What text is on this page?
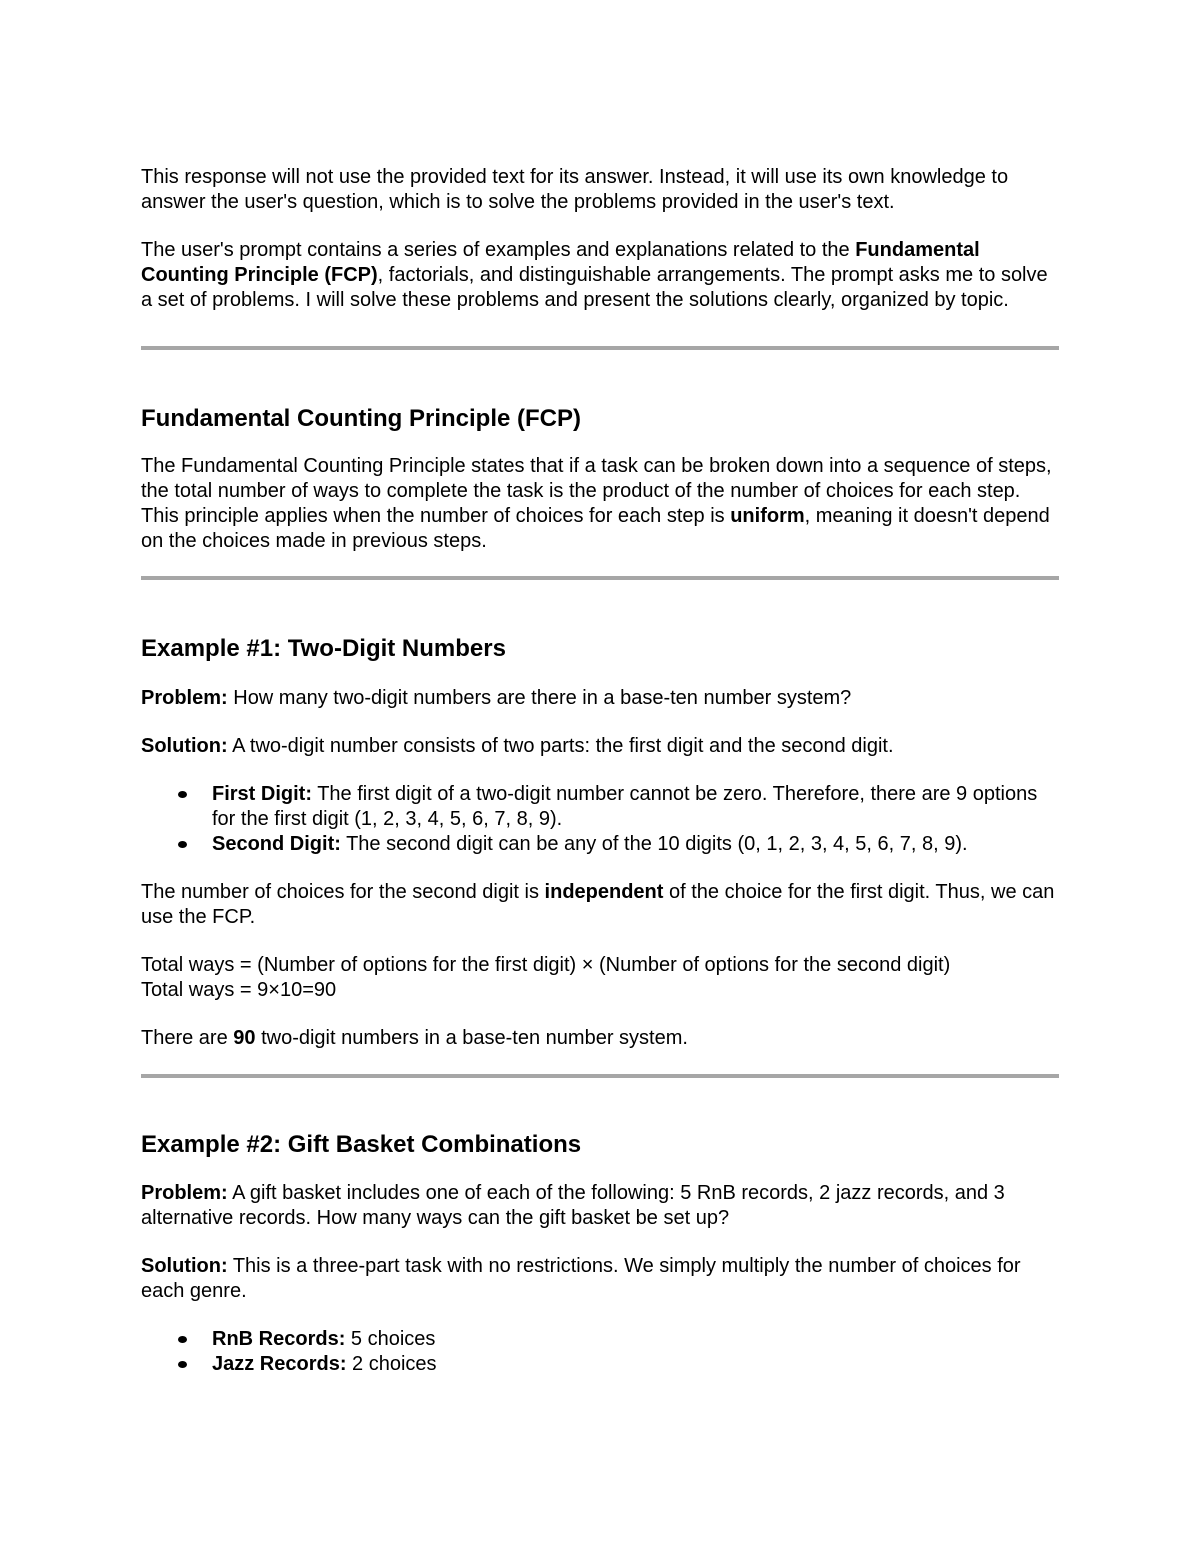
This response will not use the provided text for its answer. Instead, it will use its own knowledge to answer the user's question, which is to solve the problems provided in the user's text.

The user's prompt contains a series of examples and explanations related to the Fundamental Counting Principle (FCP), factorials, and distinguishable arrangements. The prompt asks me to solve a set of problems. I will solve these problems and present the solutions clearly, organized by topic.

Fundamental Counting Principle (FCP)

The Fundamental Counting Principle states that if a task can be broken down into a sequence of steps, the total number of ways to complete the task is the product of the number of choices for each step. This principle applies when the number of choices for each step is uniform, meaning it doesn't depend on the choices made in previous steps.

Example #1: Two-Digit Numbers

Problem: How many two-digit numbers are there in a base-ten number system?

Solution: A two-digit number consists of two parts: the first digit and the second digit.

First Digit: The first digit of a two-digit number cannot be zero. Therefore, there are 9 options for the first digit (1, 2, 3, 4, 5, 6, 7, 8, 9).
Second Digit: The second digit can be any of the 10 digits (0, 1, 2, 3, 4, 5, 6, 7, 8, 9).

The number of choices for the second digit is independent of the choice for the first digit. Thus, we can use the FCP.

Total ways = (Number of options for the first digit) × (Number of options for the second digit)

Total ways = 9×10=90

There are 90 two-digit numbers in a base-ten number system.

Example #2: Gift Basket Combinations

Problem: A gift basket includes one of each of the following: 5 RnB records, 2 jazz records, and 3 alternative records. How many ways can the gift basket be set up?

Solution: This is a three-part task with no restrictions. We simply multiply the number of choices for each genre.

RnB Records: 5 choices
Jazz Records: 2 choices
